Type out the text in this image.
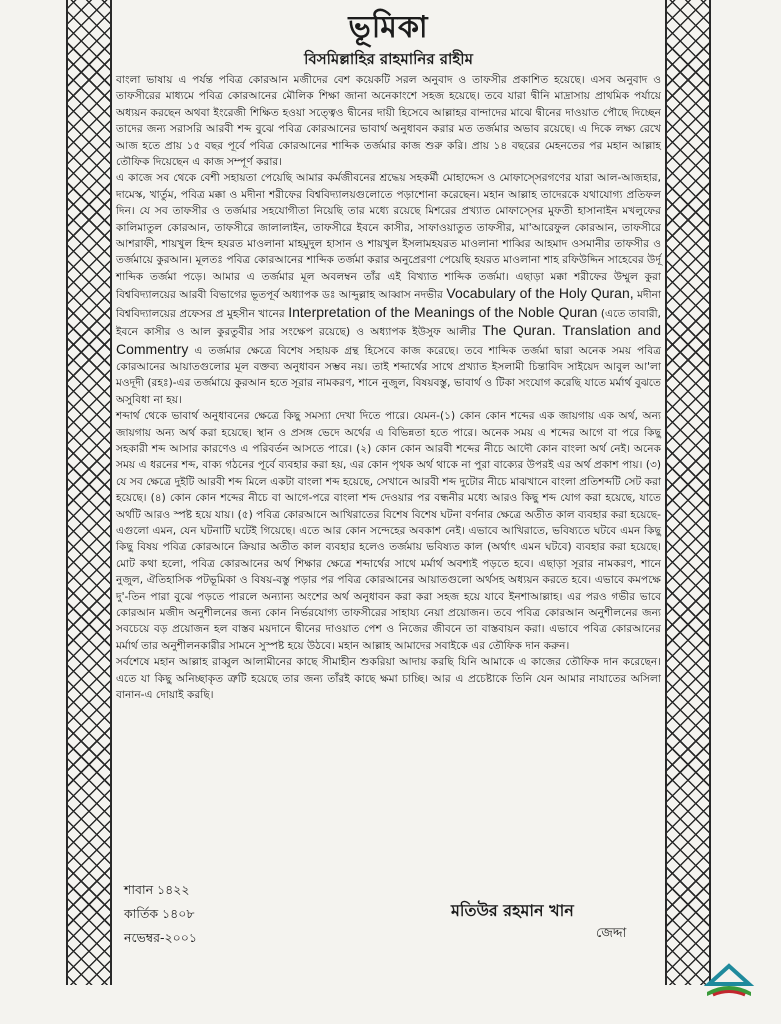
ভূমিকা
বিসমিল্লাহির রাহমানির রাহীম

বাংলা ভাষায় এ পর্যন্ত পবিত্র কোরআন মজীদের বেশ কয়েকটি সরল অনুবাদ ও তাফসীর প্রকাশিত হয়েছে। এসব অনুবাদ ও তাফসীরের মাধ্যমে পবিত্র কোরআনের মৌলিক শিক্ষা জানা অনেকাংশে সহজ হয়েছে। তবে যারা দ্বীনি মাদ্রাসায় প্রাথমিক পর্যায়ে অধ্যয়ন করছেন অথবা ইংরেজী শিক্ষিত হওয়া সত্ত্বেও দ্বীনের দায়ী হিসেবে আল্লাহর বান্দাদের মাঝে দ্বীনের দাওয়াত পৌছে দিচ্ছেন তাদের জন্য সরাসরি আরবী শব্দ বুঝে পবিত্র কোরআনের ভাবার্থ অনুধাবন করার মত তর্জমার অভাব রয়েছে। এ দিকে লক্ষ্য রেখে আজ হতে প্রায় ১৫ বছর পূর্বে পবিত্র কোরআনের শাব্দিক তর্জমার কাজ শুরু করি। প্রায় ১৪ বছরের মেহনতের পর মহান আল্লাহ তৌফিক দিয়েছেন এ কাজ সম্পূর্ণ করার।

এ কাজে সব থেকে বেশী সহায়তা পেয়েছি আমার কর্মজীবনের শ্রদ্ধেয় সহকর্মী মোহাদ্দেস ও মোফাস্সেরগণের যারা আল-আজহার, দামেস্ক, খার্তুম, পবিত্র মক্কা ও মদীনা শরীফের বিশ্ববিদ্যালয়গুলোতে পড়াশোনা করেছেন। মহান আল্লাহ তাদেরকে যথাযোগ্য প্রতিফল দিন। যে সব তাফসীর ও তর্জমার সহযোগীতা নিয়েছি তার মধ্যে রয়েছে মিশরের প্রখ্যাত মোফাস্সের মুফতী হাসানাইন মখলুফের কালিমাতুল কোরআন, তাফসীরে জালালাইন, তাফসীরে ইবনে কাসীর, সাফাওয়াতুত তাফসীর, মা'আরেফুল কোরআন, তাফসীরে আশরাফী, শায়খুল হিন্দ হযরত মাওলানা মাহমুদুল হাসান ও শায়খুল ইসলামহযরত মাওলানা শাব্বির আহমাদ ওসমানীর তাফসীর ও তর্জমায়ে কুরআন। মূলতঃ পবিত্র কোরআনের শাব্দিক তর্জমা করার অনুপ্রেরণা পেয়েছি হযরত মাওলানা শাহ রফিউদ্দিন সাহেবের উর্দূ শাব্দিক তর্জমা পড়ে। আমার এ তর্জমার মূল অবলম্বন তাঁর এই বিখ্যাত শাব্দিক তর্জমা। এছাড়া মক্কা শরীফের উম্মুল কুরা বিশ্ববিদ্যালয়ের আরবী বিভাগের ভূতপূর্ব অধ্যাপক ডঃ আব্দুল্লাহ আব্বাস নদভীর Vocabulary of the Holy Quran, মদীনা বিশ্ববিদ্যালয়ের প্রফেসর প্র মুহসীন খানের Interpretation of the Meanings of the Noble Quran (এতে তাবারী, ইবনে কাসীর ও আল কুরতুবীর সার সংক্ষেপ রয়েছে) ও অধ্যাপক ইউসুফ আলীর The Quran. Translation and Commentry এ তর্জমার ক্ষেত্রে বিশেষ সহায়ক গ্রন্থ হিসেবে কাজ করেছে। তবে শাব্দিক তর্জমা দ্বারা অনেক সময় পবিত্র কোরআনের আয়াতগুলোর মূল বক্তব্য অনুধাবন সম্ভব নয়। তাই শব্দার্থের সাথে প্রখ্যাত ইসলামী চিন্তাবিদ সাইয়েদ আবুল আ'লা মওদূদী (রহঃ)-এর তর্জমায়ে কুরআন হতে সূরার নামকরণ, শানে নুজুল, বিষয়বস্তু, ভাবার্থ ও টিকা সংযোগ করেছি যাতে মর্মার্থ বুঝতে অসুবিধা না হয়।

শব্দার্থ থেকে ভাবার্থ অনুধাবনের ক্ষেত্রে কিছু সমস্যা দেখা দিতে পারে। যেমন-(১) কোন কোন শব্দের এক জায়গায় এক অর্থ, অন্য জায়গায় অন্য অর্থ করা হয়েছে। স্থান ও প্রসঙ্গ ভেদে অর্থের এ বিভিন্নতা হতে পারে। অনেক সময় এ শব্দের আগে বা পরে কিছু সহকারী শব্দ আসার কারণেও এ পরিবর্তন আসতে পারে। (২) কোন কোন আরবী শব্দের নীচে আদৌ কোন বাংলা অর্থ নেই। অনেক সময় এ ধরনের শব্দ, বাক্য গঠনের পূর্বে ব্যবহার করা হয়, এর কোন পৃথক অর্থ থাকে না পুরা বাক্যের উপরই এর অর্থ প্রকাশ পায়। (৩) যে সব ক্ষেত্রে দুইটি আরবী শব্দ মিলে একটা বাংলা শব্দ হয়েছে, সেখানে আরবী শব্দ দুটোর নীচে মাঝখানে বাংলা প্রতিশব্দটি সেট করা হয়েছে। (৪) কোন কোন শব্দের নীচে বা আগে-পরে বাংলা শব্দ দেওয়ার পর বন্ধনীর মধ্যে আরও কিছু শব্দ যোগ করা হয়েছে, যাতে অর্থটি আরও স্পষ্ট হয়ে যায়। (৫) পবিত্র কোরআনে আখিরাতের বিশেষ বিশেষ ঘটনা বর্ণনার ক্ষেত্রে অতীত কাল ব্যবহার করা হয়েছে- এগুলো এমন, যেন ঘটনাটি ঘটেই গিয়েছে। এতে আর কোন সন্দেহের অবকাশ নেই। এভাবে আখিরাতে, ভবিষ্যতে ঘটবে এমন কিছু কিছু বিষয় পবিত্র কোরআনে ক্রিয়ার অতীত কাল ব্যবহার হলেও তর্জমায় ভবিষ্যত কাল (অর্থাৎ এমন ঘটবে) ব্যবহার করা হয়েছে। মোট কথা হলো, পবিত্র কোরআনের অর্থ শিক্ষার ক্ষেত্রে শব্দার্থের সাথে মর্মার্থ অবশ্যই পড়তে হবে। এছাড়া সূরার নামকরণ, শানে নুজুল, ঐতিহাসিক পটভূমিকা ও বিষয়-বস্তু পড়ার পর পবিত্র কোরআনের আয়াতগুলো অর্থসহ অধ্যয়ন করতে হবে। এভাবে কমপক্ষে দু'-তিন পারা বুঝে পড়তে পারলে অন্যান্য অংশের অর্থ অনুধাবন করা করা সহজ হয়ে যাবে ইনশাআল্লাহ। এর পরও গভীর ভাবে কোরআন মজীদ অনুশীলনের জন্য কোন নির্ভরযোগ্য তাফসীরের সাহায্য নেয়া প্রয়োজন। তবে পবিত্র কোরআন অনুশীলনের জন্য সবচেয়ে বড় প্রয়োজন হল বাস্তব ময়দানে দ্বীনের দাওয়াত পেশ ও নিজের জীবনে তা বাস্তবায়ন করা। এভাবে পবিত্র কোরআনের মর্মার্থ তার অনুশীলনকারীর সামনে সুস্পষ্ট হয়ে উঠবে। মহান আল্লাহ আমাদের সবাইকে এর তৌফিক দান করুন।

সর্বশেষে মহান আল্লাহ রাব্বুল আলামীনের কাছে সীমাহীন শুকরিয়া আদায় করছি যিনি আমাকে এ কাজের তৌফিক দান করেছেন। এতে যা কিছু অনিচ্ছাকৃত ত্রুটি হয়েছে তার জন্য তাঁরই কাছে ক্ষমা চাচ্ছি। আর এ প্রচেষ্টাকে তিনি যেন আমার নাযাতের অসিলা বানান-এ দোয়াই করছি।

শাবান ১৪২২
কার্তিক ১৪০৮
নভেম্বর-২০০১
মতিউর রহমান খান
জেদ্দা
